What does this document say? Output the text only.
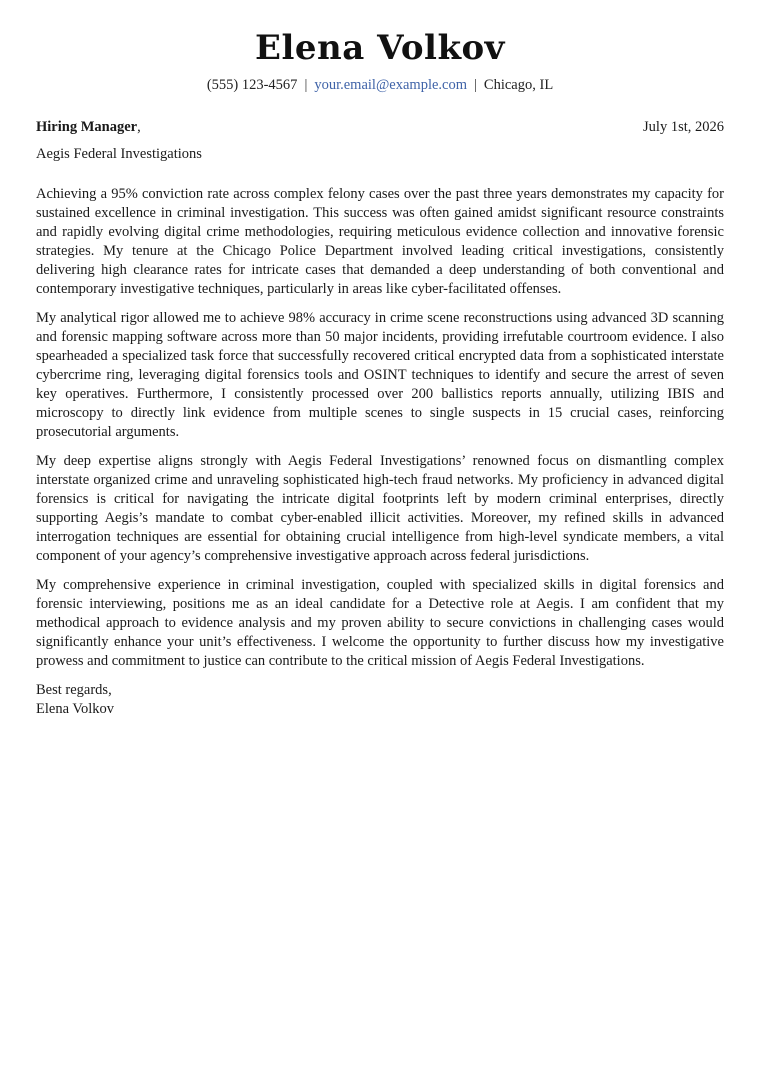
Elena Volkov
(555) 123-4567 | your.email@example.com | Chicago, IL
Hiring Manager,	July 1st, 2026
Aegis Federal Investigations

Achieving a 95% conviction rate across complex felony cases over the past three years demonstrates my capacity for sustained excellence in criminal investigation. This success was often gained amidst significant resource constraints and rapidly evolving digital crime methodologies, requiring meticulous evidence collection and innovative forensic strategies. My tenure at the Chicago Police Department involved leading critical investigations, consistently delivering high clearance rates for intricate cases that demanded a deep understanding of both conventional and contemporary investigative techniques, particularly in areas like cyber-facilitated offenses.

My analytical rigor allowed me to achieve 98% accuracy in crime scene reconstructions using advanced 3D scanning and forensic mapping software across more than 50 major incidents, providing irrefutable courtroom evidence. I also spearheaded a specialized task force that successfully recovered critical encrypted data from a sophisticated interstate cybercrime ring, leveraging digital forensics tools and OSINT techniques to identify and secure the arrest of seven key operatives. Furthermore, I consistently processed over 200 ballistics reports annually, utilizing IBIS and microscopy to directly link evidence from multiple scenes to single suspects in 15 crucial cases, reinforcing prosecutorial arguments.

My deep expertise aligns strongly with Aegis Federal Investigations’ renowned focus on dismantling complex interstate organized crime and unraveling sophisticated high-tech fraud networks. My proficiency in advanced digital forensics is critical for navigating the intricate digital footprints left by modern criminal enterprises, directly supporting Aegis’s mandate to combat cyber-enabled illicit activities. Moreover, my refined skills in advanced interrogation techniques are essential for obtaining crucial intelligence from high-level syndicate members, a vital component of your agency’s comprehensive investigative approach across federal jurisdictions.

My comprehensive experience in criminal investigation, coupled with specialized skills in digital forensics and forensic interviewing, positions me as an ideal candidate for a Detective role at Aegis. I am confident that my methodical approach to evidence analysis and my proven ability to secure convictions in challenging cases would significantly enhance your unit’s effectiveness. I welcome the opportunity to further discuss how my investigative prowess and commitment to justice can contribute to the critical mission of Aegis Federal Investigations.

Best regards,
Elena Volkov
